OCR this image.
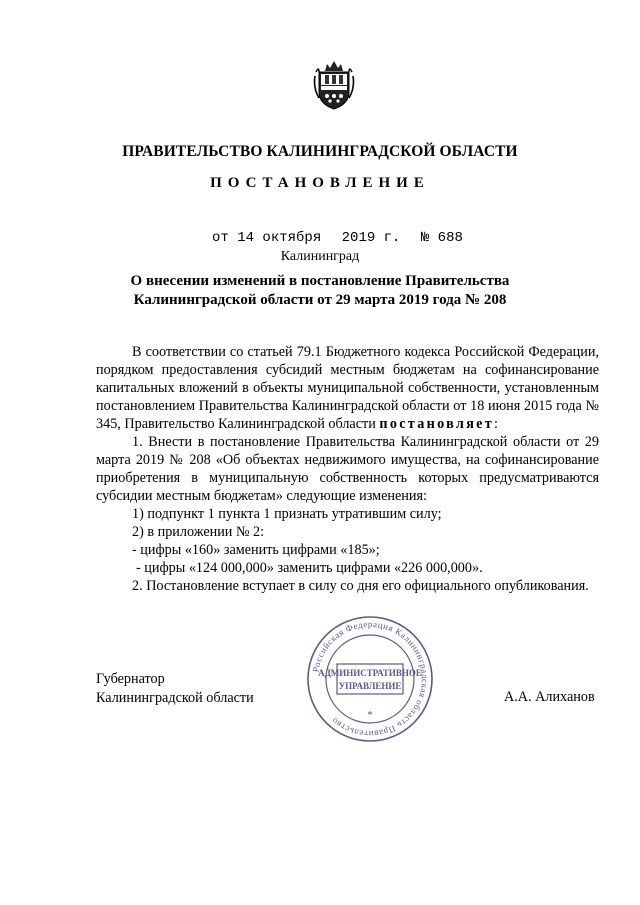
ПРАВИТЕЛЬСТВО КАЛИНИНГРАДСКОЙ ОБЛАСТИ
ПОСТАНОВЛЕНИЕ
от 14 октября 2019 г. № 688
Калининград
О внесении изменений в постановление Правительства Калининградской области от 29 марта 2019 года № 208

В соответствии со статьей 79.1 Бюджетного кодекса Российской Федерации, порядком предоставления субсидий местным бюджетам на софинансирование капитальных вложений в объекты муниципальной собственности, установленным постановлением Правительства Калининградской области от 18 июня 2015 года № 345, Правительство Калининградской области постановляет:

1. Внести в постановление Правительства Калининградской области от 29 марта 2019 № 208 «Об объектах недвижимого имущества, на софинансирование приобретения в муниципальную собственность которых предусматриваются субсидии местным бюджетам» следующие изменения:

1) подпункт 1 пункта 1 признать утратившим силу;

2) в приложении № 2:

- цифры «160» заменить цифрами «185»;

- цифры «124 000,000» заменить цифрами «226 000,000».

2. Постановление вступает в силу со дня его официального опубликования.

Российская Федерация Калининградская область Правительство
АДМИНИСТРАТИВНОЕ
УПРАВЛЕНИЕ
*
Губернатор
Калининградской области	А.А. Алиханов
